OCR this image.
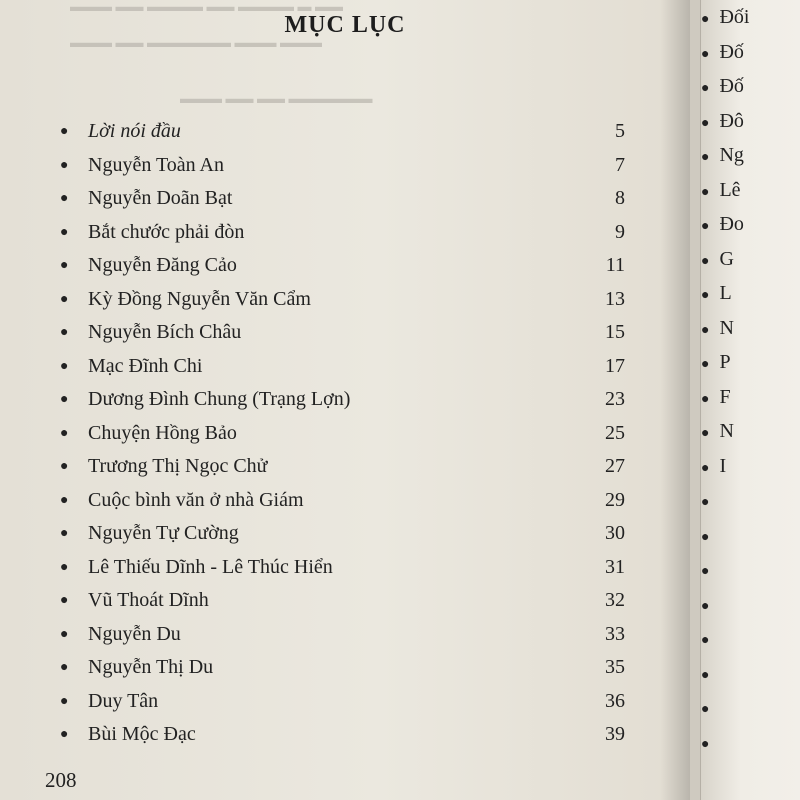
▬▬▬ ▬▬ ▬▬▬▬ ▬▬ ▬▬▬▬ ▬ ▬▬
▬▬▬ ▬▬ ▬▬▬▬▬▬ ▬▬▬ ▬▬▬
▬▬▬ ▬▬ ▬▬ ▬▬▬▬▬▬
MỤC LỤC
● Lời nói đầu	5
● Nguyễn Toàn An	7
● Nguyễn Doãn Bạt	8
● Bắt chước phải đòn	9
● Nguyễn Đăng Cảo	11
● Kỳ Đồng Nguyễn Văn Cẩm	13
● Nguyễn Bích Châu	15
● Mạc Đĩnh Chi	17
● Dương Đình Chung (Trạng Lợn)	23
● Chuyện Hồng Bảo	25
● Trương Thị Ngọc Chử	27
● Cuộc bình văn ở nhà Giám	29
● Nguyễn Tự Cường	30
● Lê Thiếu Dĩnh - Lê Thúc Hiển	31
● Vũ Thoát Dĩnh	32
● Nguyễn Du	33
● Nguyễn Thị Du	35
● Duy Tân	36
● Bùi Mộc Đạc	39
208
● Đối
● Đố
● Đố
● Đô
● Ng
● Lê
● Đo
● G
● L
● N
● P
● F
● N
● I
●
●
●
●
●
●
●
●
